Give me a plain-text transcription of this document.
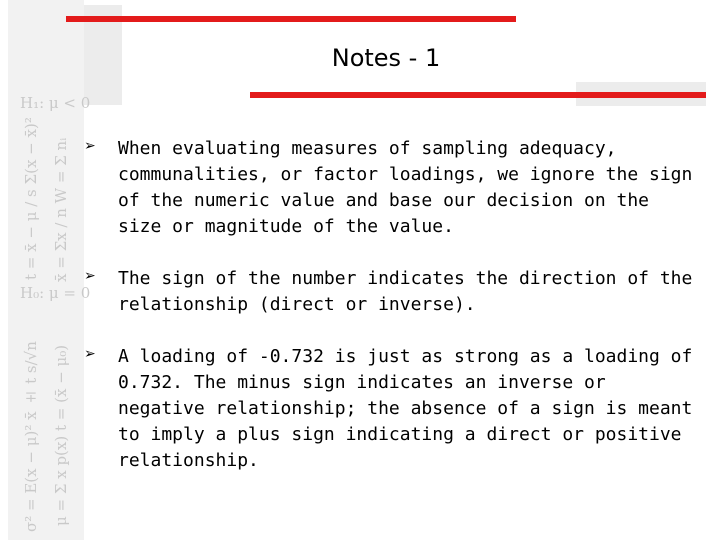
H₁: μ < 0
H₀: μ = 0
t = x̄ − μ / s Σ(x − x̄)² x̄ = Σx / n W = Σ nᵢ
σ² = E(x − μ)² x̄ ± t s/√n μ = Σ x p(x) t = (x̄ − μ₀)
Notes - 1
➢ When evaluating measures of sampling adequacy,
communalities, or factor loadings, we ignore the sign
of the numeric value and base our decision on the
size or magnitude of the value.
➢ The sign of the number indicates the direction of the
relationship (direct or inverse).
➢ A loading of -0.732 is just as strong as a loading of
0.732. The minus sign indicates an inverse or
negative relationship; the absence of a sign is meant
to imply a plus sign indicating a direct or positive
relationship.
